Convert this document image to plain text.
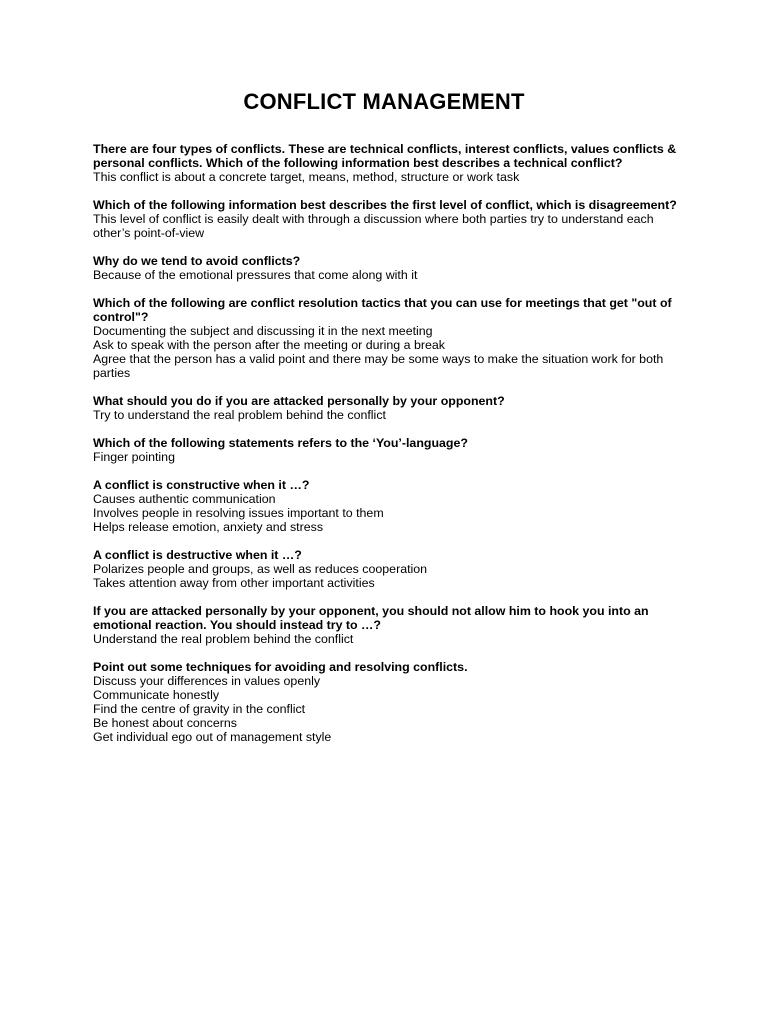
CONFLICT MANAGEMENT
There are four types of conflicts. These are technical conflicts, interest conflicts, values conflicts & personal conflicts. Which of the following information best describes a technical conflict?
This conflict is about a concrete target, means, method, structure or work task
Which of the following information best describes the first level of conflict, which is disagreement?
This level of conflict is easily dealt with through a discussion where both parties try to understand each other’s point-of-view
Why do we tend to avoid conflicts?
Because of the emotional pressures that come along with it
Which of the following are conflict resolution tactics that you can use for meetings that get "out of control"?
Documenting the subject and discussing it in the next meeting
Ask to speak with the person after the meeting or during a break
Agree that the person has a valid point and there may be some ways to make the situation work for both parties
What should you do if you are attacked personally by your opponent?
Try to understand the real problem behind the conflict
Which of the following statements refers to the ‘You’-language?
Finger pointing
A conflict is constructive when it …?
Causes authentic communication
Involves people in resolving issues important to them
Helps release emotion, anxiety and stress
A conflict is destructive when it …?
Polarizes people and groups, as well as reduces cooperation
Takes attention away from other important activities
If you are attacked personally by your opponent, you should not allow him to hook you into an emotional reaction. You should instead try to …?
Understand the real problem behind the conflict
Point out some techniques for avoiding and resolving conflicts.
Discuss your differences in values openly
Communicate honestly
Find the centre of gravity in the conflict
Be honest about concerns
Get individual ego out of management style
